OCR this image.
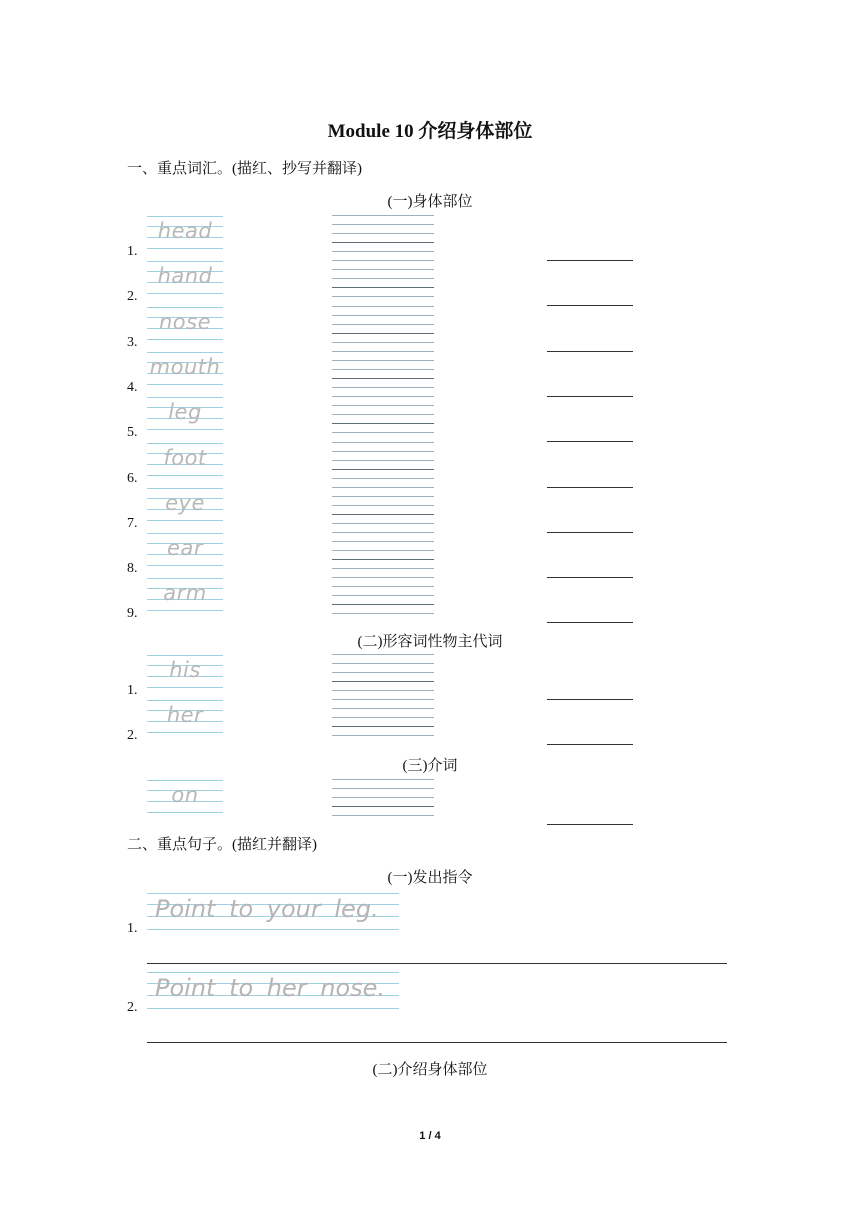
Module 10 介绍身体部位
一、重点词汇。(描红、抄写并翻译)
(一)身体部位
1.
head
2.
hand
3.
nose
4.
mouth
5.
leg
6.
foot
7.
eye
8.
ear
9.
arm
1.
his
2.
her
on
(二)形容词性物主代词
(三)介词
二、重点句子。(描红并翻译)
(一)发出指令
1.
Point to your leg.
2.
Point to her nose.
(二)介绍身体部位
1 / 4
